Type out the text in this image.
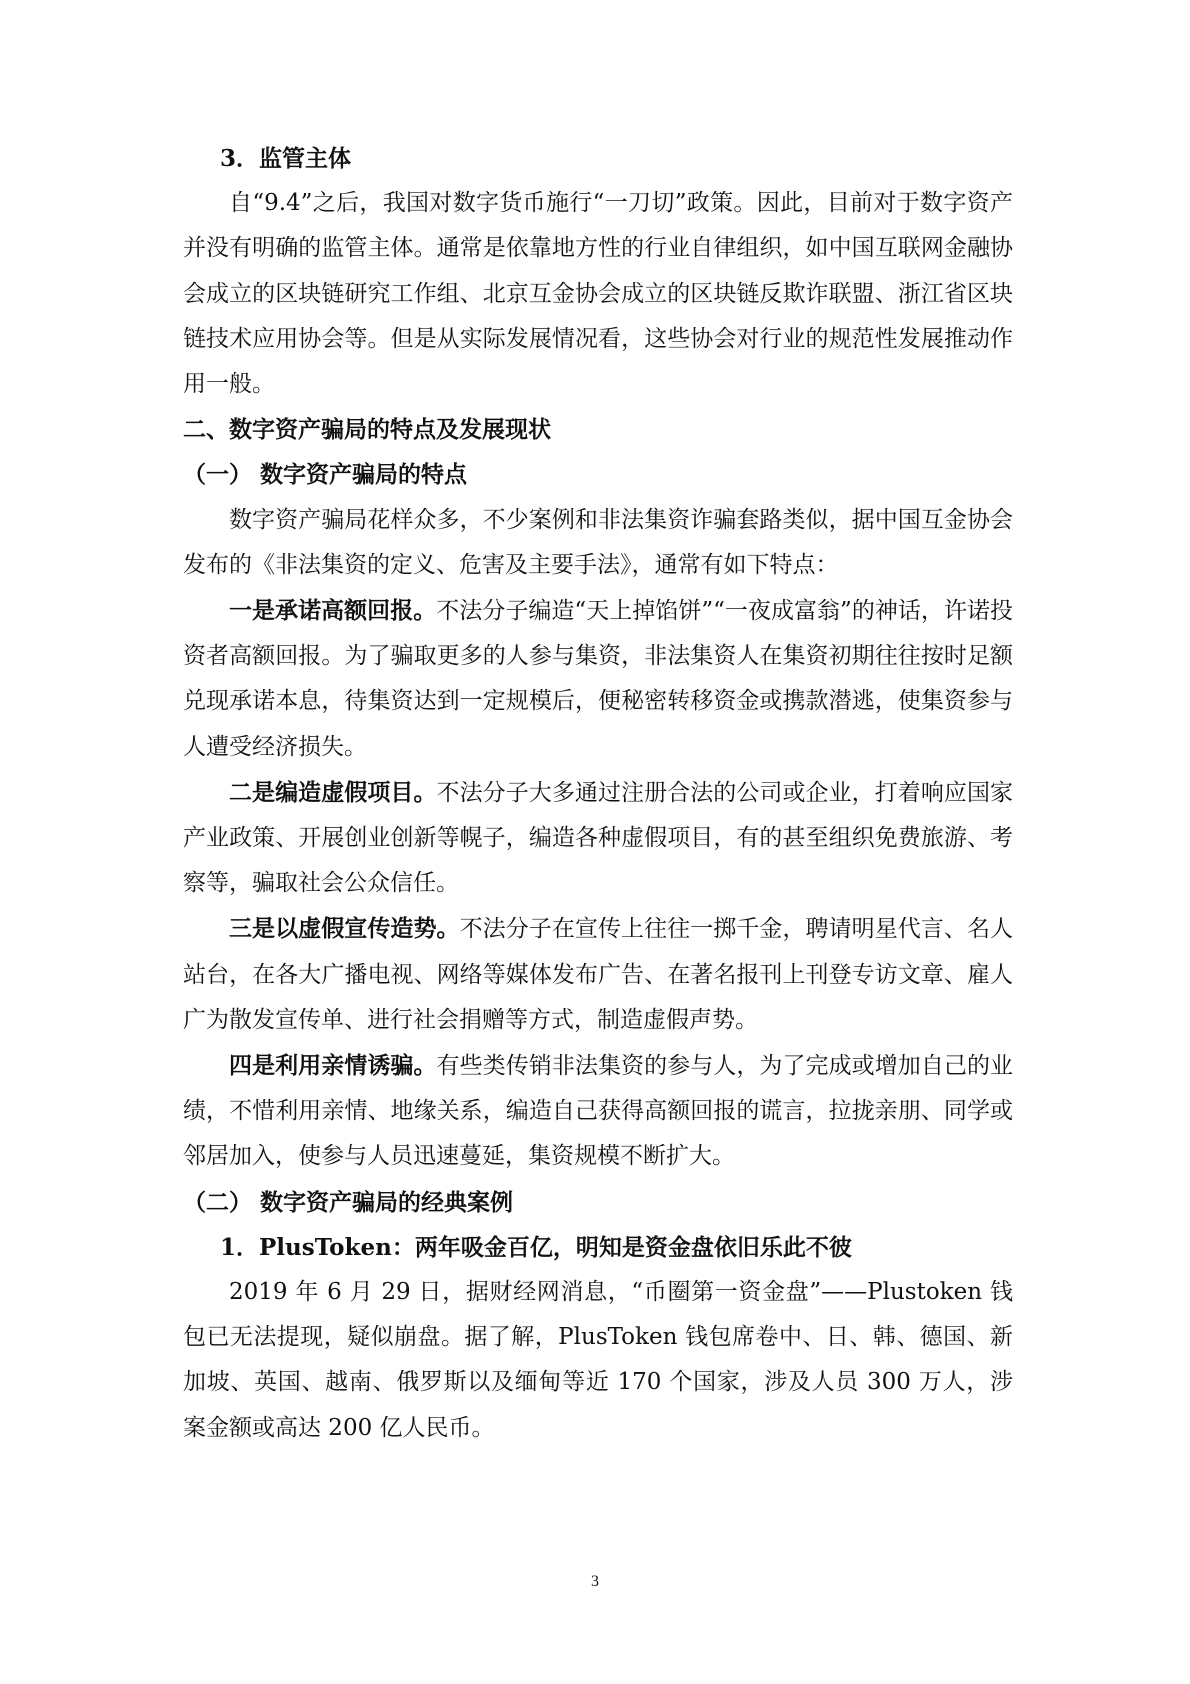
3．监管主体

自“9.4”之后，我国对数字货币施行“一刀切”政策。因此，目前对于数字资产并没有明确的监管主体。通常是依靠地方性的行业自律组织，如中国互联网金融协会成立的区块链研究工作组、北京互金协会成立的区块链反欺诈联盟、浙江省区块链技术应用协会等。但是从实际发展情况看，这些协会对行业的规范性发展推动作用一般。

二、数字资产骗局的特点及发展现状

（一） 数字资产骗局的特点

数字资产骗局花样众多，不少案例和非法集资诈骗套路类似，据中国互金协会发布的《非法集资的定义、危害及主要手法》，通常有如下特点：

一是承诺高额回报。不法分子编造“天上掉馅饼”“一夜成富翁”的神话，许诺投资者高额回报。为了骗取更多的人参与集资，非法集资人在集资初期往往按时足额兑现承诺本息，待集资达到一定规模后，便秘密转移资金或携款潜逃，使集资参与人遭受经济损失。

二是编造虚假项目。不法分子大多通过注册合法的公司或企业，打着响应国家产业政策、开展创业创新等幌子，编造各种虚假项目，有的甚至组织免费旅游、考察等，骗取社会公众信任。

三是以虚假宣传造势。不法分子在宣传上往往一掷千金，聘请明星代言、名人站台，在各大广播电视、网络等媒体发布广告、在著名报刊上刊登专访文章、雇人广为散发宣传单、进行社会捐赠等方式，制造虚假声势。

四是利用亲情诱骗。有些类传销非法集资的参与人，为了完成或增加自己的业绩，不惜利用亲情、地缘关系，编造自己获得高额回报的谎言，拉拢亲朋、同学或邻居加入，使参与人员迅速蔓延，集资规模不断扩大。

（二） 数字资产骗局的经典案例

1．PlusToken：两年吸金百亿，明知是资金盘依旧乐此不彼

2019 年 6 月 29 日，据财经网消息，“币圈第一资金盘”——Plustoken 钱包已无法提现，疑似崩盘。据了解，PlusToken 钱包席卷中、日、韩、德国、新加坡、英国、越南、俄罗斯以及缅甸等近 170 个国家，涉及人员 300 万人，涉案金额或高达 200 亿人民币。

3
